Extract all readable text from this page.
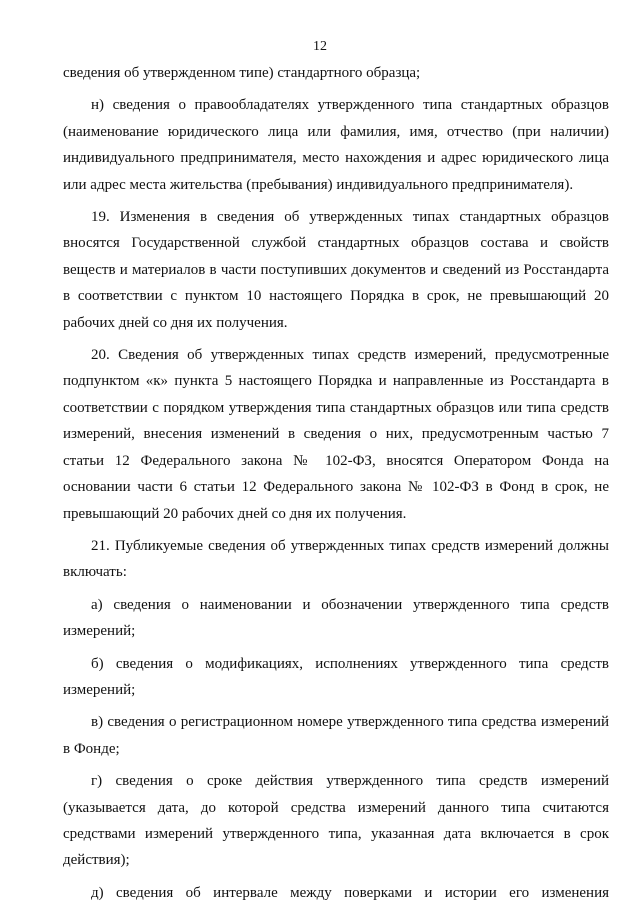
12

сведения об утвержденном типе) стандартного образца;

н) сведения о правообладателях утвержденного типа стандартных образцов (наименование юридического лица или фамилия, имя, отчество (при наличии) индивидуального предпринимателя, место нахождения и адрес юридического лица или адрес места жительства (пребывания) индивидуального предпринимателя).

19. Изменения в сведения об утвержденных типах стандартных образцов вносятся Государственной службой стандартных образцов состава и свойств веществ и материалов в части поступивших документов и сведений из Росстандарта в соответствии с пунктом 10 настоящего Порядка в срок, не превышающий 20 рабочих дней со дня их получения.

20. Сведения об утвержденных типах средств измерений, предусмотренные подпунктом «к» пункта 5 настоящего Порядка и направленные из Росстандарта в соответствии с порядком утверждения типа стандартных образцов или типа средств измерений, внесения изменений в сведения о них, предусмотренным частью 7 статьи 12 Федерального закона № 102-ФЗ, вносятся Оператором Фонда на основании части 6 статьи 12 Федерального закона № 102-ФЗ в Фонд в срок, не превышающий 20 рабочих дней со дня их получения.

21. Публикуемые сведения об утвержденных типах средств измерений должны включать:

а) сведения о наименовании и обозначении утвержденного типа средств измерений;

б) сведения о модификациях, исполнениях утвержденного типа средств измерений;

в) сведения о регистрационном номере утвержденного типа средства измерений в Фонде;

г) сведения о сроке действия утвержденного типа средств измерений (указывается дата, до которой средства измерений данного типа считаются средствами измерений утвержденного типа, указанная дата включается в срок действия);

д) сведения об интервале между поверками и истории его изменения
